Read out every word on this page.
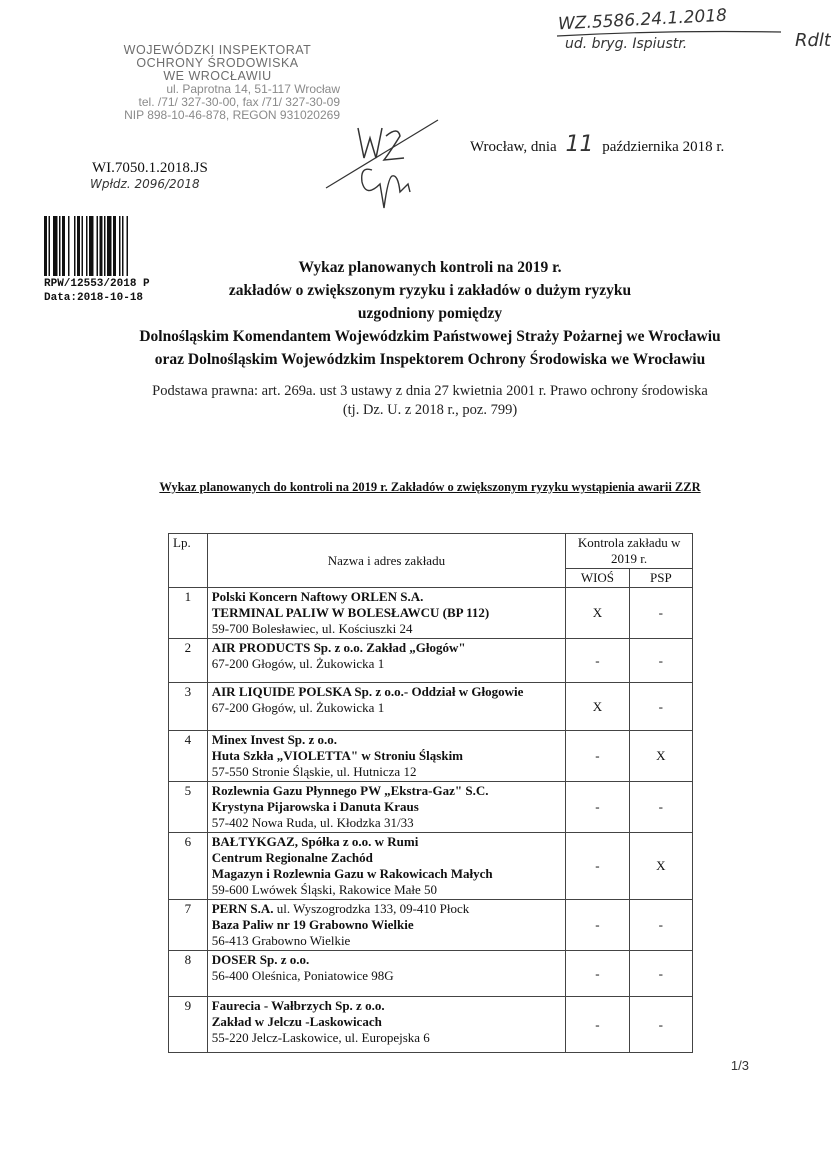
WZ.5586.24.1.2018
ud. bryg. Ispiustr.	Rdlt
WOJEWÓDZKI INSPEKTORAT
OCHRONY ŚRODOWISKA
WE WROCŁAWIU
ul. Paprotna 14, 51-117 Wrocław
tel. /71/ 327-30-00, fax /71/ 327-30-09
NIP 898-10-46-878, REGON 931020269
Wrocław, dnia 11 października 2018 r.
WI.7050.1.2018.JS
Wpłdz. 2096/2018
RPW/12553/2018 P
Data:2018-10-18
Wykaz planowanych kontroli na 2019 r.
zakładów o zwiększonym ryzyku i zakładów o dużym ryzyku
uzgodniony pomiędzy
Dolnośląskim Komendantem Wojewódzkim Państwowej Straży Pożarnej we Wrocławiu
oraz Dolnośląskim Wojewódzkim Inspektorem Ochrony Środowiska we Wrocławiu
Podstawa prawna: art. 269a. ust 3 ustawy z dnia 27 kwietnia 2001 r. Prawo ochrony środowiska
(tj. Dz. U. z 2018 r., poz. 799)
Wykaz planowanych do kontroli na 2019 r. Zakładów o zwiększonym ryzyku wystąpienia awarii ZZR
Lp.	Nazwa i adres zakładu	Kontrola zakładu w 2019 r.	
		WIOŚ	PSP
1	Polski Koncern Naftowy ORLEN S.A.
TERMINAL PALIW W BOLESŁAWCU (BP 112)
59-700 Bolesławiec, ul. Kościuszki 24	X	-
2	AIR PRODUCTS Sp. z o.o. Zakład „Głogów"
67-200 Głogów, ul. Żukowicka 1	-	-
3	AIR LIQUIDE POLSKA Sp. z o.o.- Oddział w Głogowie
67-200 Głogów, ul. Żukowicka 1	X	-
4	Minex Invest Sp. z o.o.
Huta Szkła „VIOLETTA" w Stroniu Śląskim
57-550 Stronie Śląskie, ul. Hutnicza 12	-	X
5	Rozlewnia Gazu Płynnego PW „Ekstra-Gaz" S.C.
Krystyna Pijarowska i Danuta Kraus
57-402 Nowa Ruda, ul. Kłodzka 31/33	-	-
6	BAŁTYKGAZ, Spółka z o.o. w Rumi
Centrum Regionalne Zachód
Magazyn i Rozlewnia Gazu w Rakowicach Małych
59-600 Lwówek Śląski, Rakowice Małe 50	-	X
7	PERN S.A. ul. Wyszogrodzka 133, 09-410 Płock
Baza Paliw nr 19 Grabowno Wielkie
56-413 Grabowno Wielkie	-	-
8	DOSER Sp. z o.o.
56-400 Oleśnica, Poniatowice 98G	-	-
9	Faurecia - Wałbrzych Sp. z o.o.
Zakład w Jelczu -Laskowicach
55-220 Jelcz-Laskowice, ul. Europejska 6	-	-
1/3
